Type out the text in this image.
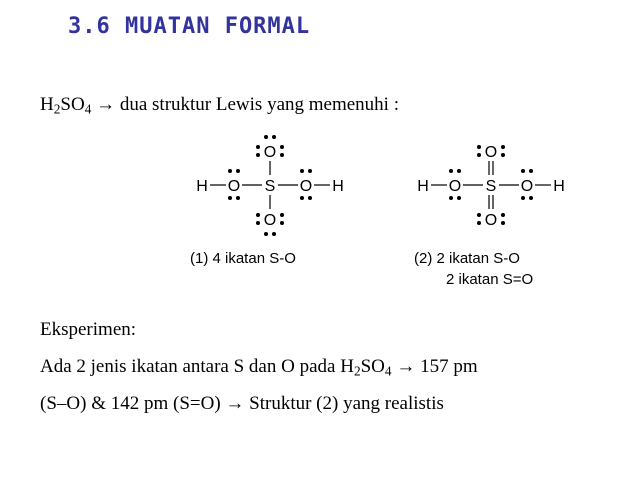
3.6 MUATAN FORMAL
$H_2SO_4$ → dua struktur Lewis yang memenuhi :
H O S O H
O
O
H O S O H
O
O
(1) 4 ikatan S-O	(2) 2 ikatan S-O
2 ikatan S=O
Eksperimen:
Ada 2 jenis ikatan antara S dan O pada $H_2SO_4 \to 157$ pm
(S–O) & 142 pm (S=O) → Struktur (2) yang realistis
